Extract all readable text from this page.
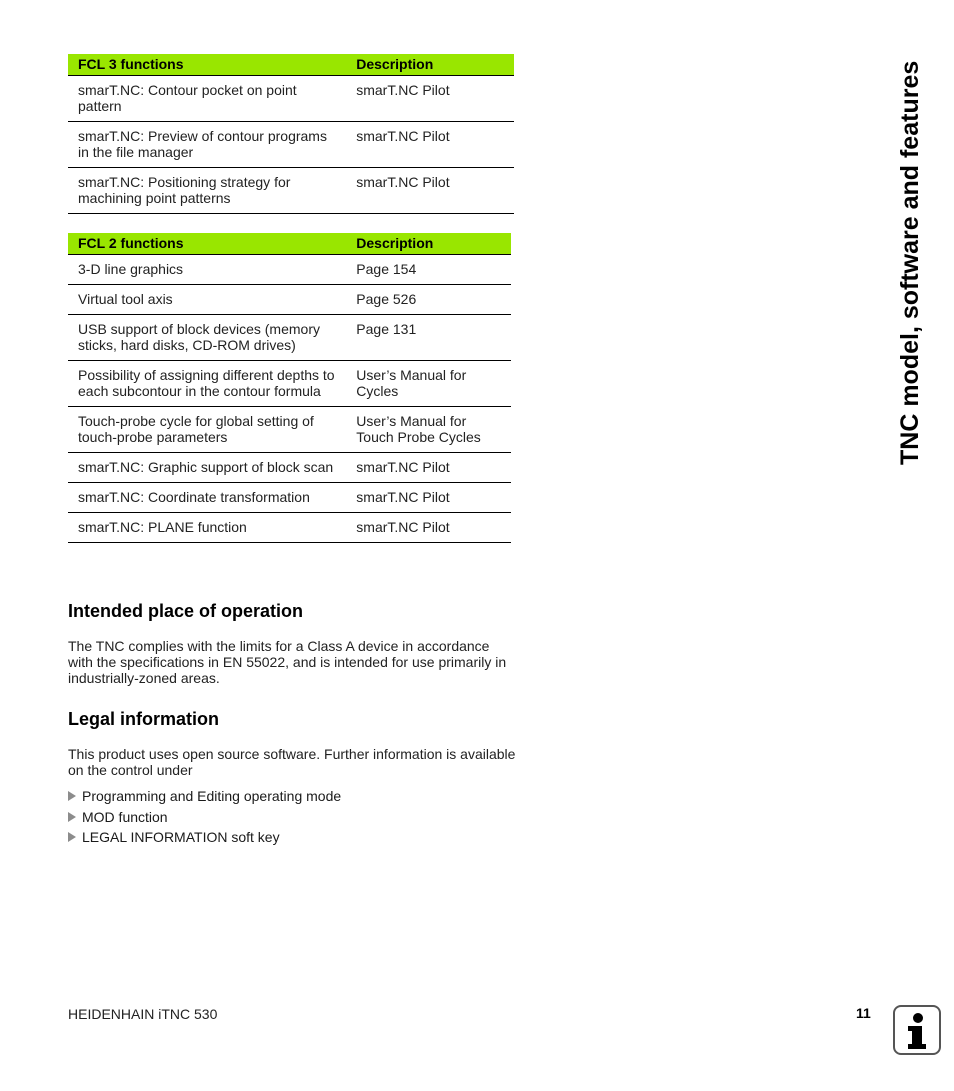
FCL 3 functions	Description
smarT.NC: Contour pocket on point pattern	smarT.NC Pilot
smarT.NC: Preview of contour programs in the file manager	smarT.NC Pilot
smarT.NC: Positioning strategy for machining point patterns	smarT.NC Pilot
FCL 2 functions	Description
3-D line graphics	Page 154
Virtual tool axis	Page 526
USB support of block devices (memory sticks, hard disks, CD-ROM drives)	Page 131
Possibility of assigning different depths to each subcontour in the contour formula	User’s Manual for Cycles
Touch-probe cycle for global setting of touch-probe parameters	User’s Manual for Touch Probe Cycles
smarT.NC: Graphic support of block scan	smarT.NC Pilot
smarT.NC: Coordinate transformation	smarT.NC Pilot
smarT.NC: PLANE function	smarT.NC Pilot
Intended place of operation

The TNC complies with the limits for a Class A device in accordance with the specifications in EN 55022, and is intended for use primarily in industrially-zoned areas.

Legal information

This product uses open source software. Further information is available on the control under

Programming and Editing operating mode
MOD function
LEGAL INFORMATION soft key
TNC model, software and features
HEIDENHAIN iTNC 530	11
